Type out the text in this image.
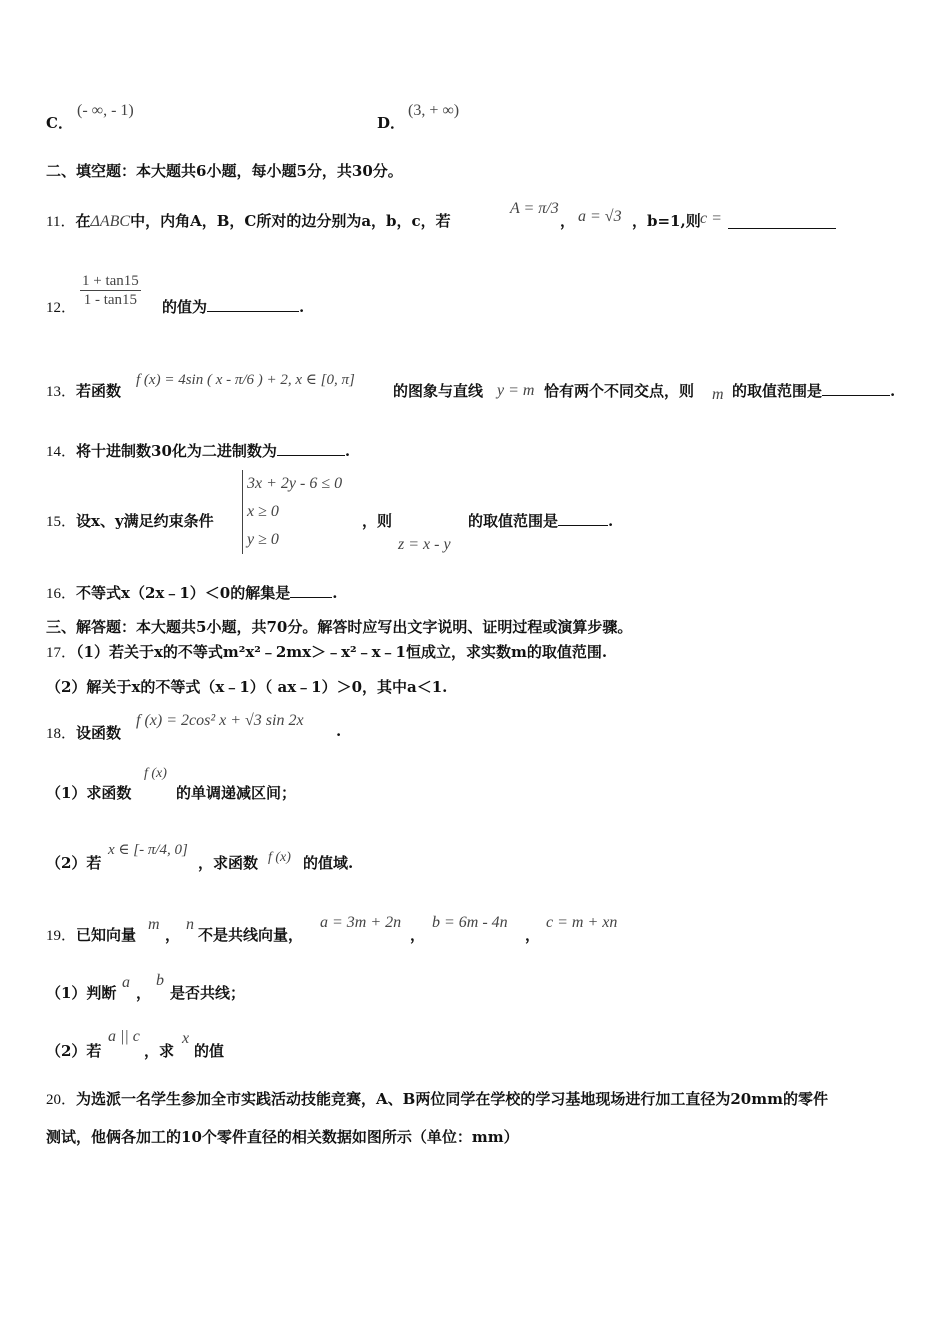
C．
(- ∞, - 1)
D．
(3, + ∞)
二、填空题：本大题共6小题，每小题5分，共30分。
11．在ΔABC中，内角A，B，C所对的边分别为a，b，c，若
A = π/3
， a = √3 ，b=1,则 c =
12． $\frac{1 + \tan 15}{1 - \tan 15}$ 的值为	.
13．若函数
f (x) = 4sin ( x - π/6 ) + 2, x ∈ [0, π]
的图象与直线 y = m 恰有两个不同交点，则 m 的取值范围是	.
14．将十进制数30化为二进制数为	.
15．设x、y满足约束条件
3x + 2y - 6 ≤ 0
x ≥ 0
y ≥ 0
，则
z = x - y
的取值范围是	.
16．不等式x（2x﹣1）＜0的解集是	.
三、解答题：本大题共5小题，共70分。解答时应写出文字说明、证明过程或演算步骤。
17．（1）若关于x的不等式m²x²﹣2mx＞﹣x²﹣x﹣1恒成立，求实数m的取值范围.
（2）解关于x的不等式（x﹣1）（ ax﹣1）＞0，其中a＜1.
18．设函数
f (x) = 2cos² x + √3 sin 2x
.
（1）求函数
f (x)
的单调递减区间；
（2）若
x ∈ [- π/4, 0]
，求函数 f (x) 的值域.
19．已知向量
m
，
n
不是共线向量，
a = 3m + 2n
，
b = 6m - 4n
，
c = m + xn
（1）判断
a
，
b
是否共线；
（2）若
a || c
，求
x
的值
20．为选派一名学生参加全市实践活动技能竞赛，A、B两位同学在学校的学习基地现场进行加工直径为20mm的零件
测试，他俩各加工的10个零件直径的相关数据如图所示（单位：mm）
